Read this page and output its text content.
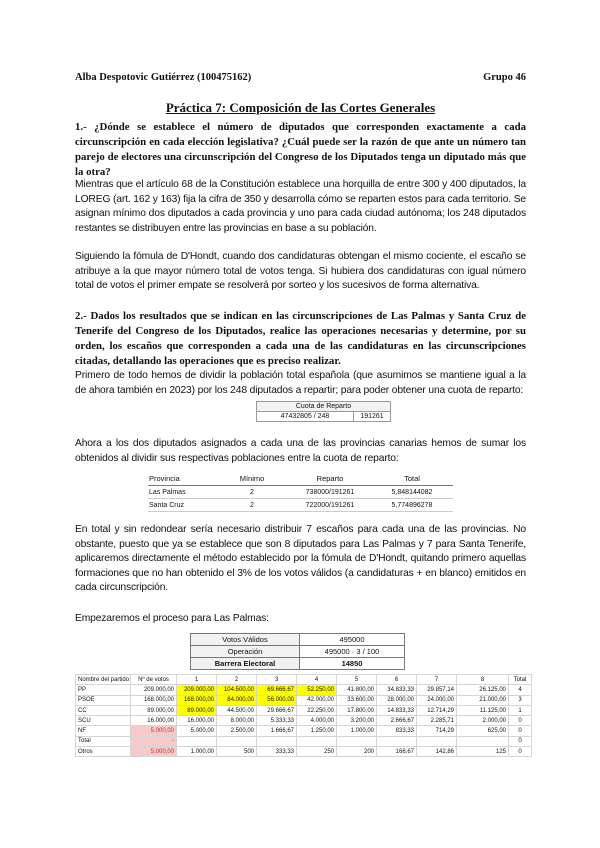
Alba Despotovic Gutiérrez (100475162)	Grupo 46
Práctica 7: Composición de las Cortes Generales
1.- ¿Dónde se establece el número de diputados que corresponden exactamente a cada circunscripción en cada elección legislativa? ¿Cuál puede ser la razón de que ante un número tan parejo de electores una circunscripción del Congreso de los Diputados tenga un diputado más que la otra?
Mientras que el artículo 68 de la Constitución establece una horquilla de entre 300 y 400 diputados, la LOREG (art. 162 y 163) fija la cifra de 350 y desarrolla cómo se reparten estos para cada territorio. Se asignan mínimo dos diputados a cada provincia y uno para cada ciudad autónoma; los 248 diputados restantes se distribuyen entre las provincias en base a su población.
Siguiendo la fómula de D'Hondt, cuando dos candidaturas obtengan el mismo cociente, el escaño se atribuye a la que mayor número total de votos tenga. Si hubiera dos candidaturas con igual número total de votos el primer empate se resolverá por sorteo y los sucesivos de forma alternativa.
2.- Dados los resultados que se indican en las circunscripciones de Las Palmas y Santa Cruz de Tenerife del Congreso de los Diputados, realice las operaciones necesarias y determine, por su orden, los escaños que corresponden a cada una de las candidaturas en las circunscripciones citadas, detallando las operaciones que es preciso realizar.
Primero de todo hemos de dividir la población total española (que asumimos se mantiene igual a la de ahora también en 2023) por los 248 diputados a repartir; para poder obtener una cuota de reparto:
Cuota de Reparto
47432805 / 248	191261
Ahora a los dos diputados asignados a cada una de las provincias canarias hemos de sumar los obtenidos al dividir sus respectivas poblaciones entre la cuota de reparto:
Provincia	Mínimo	Reparto	Total
Las Palmas	2	738000/191261	5,848144082
Santa Cruz	2	722000/191261	5,774896278
En total y sin redondear sería necesario distribuir 7 escaños para cada una de las provincias. No obstante, puesto que ya se establece que son 8 diputados para Las Palmas y 7 para Santa Tenerife, aplicaremos directamente el método establecido por la fómula de D'Hondt, quitando primero aquellas formaciones que no han obtenido el 3% de los votos válidos (a candidaturas + en blanco) emitidos en cada circunscripción.
Empezaremos el proceso para Las Palmas:
Votos Válidos	495000
Operación	495000 · 3 / 100
Barrera Electoral	14850
Nombre del partido	Nº de votos	1	2	3	4	5	6	7	8	Total
PP	209.000,00	209.000,00	104.500,00	69.666,67	52.250,00	41.800,00	34.833,33	29.857,14	26.125,00	4
PSOE	168.000,00	168.000,00	84.000,00	56.000,00	42.000,00	33.600,00	28.000,00	24.000,00	21.000,00	3
CC	89.000,00	89.000,00	44.500,00	29.666,67	22.250,00	17.800,00	14.833,33	12.714,29	11.125,00	1
SCU	16.000,00	16.000,00	8.000,00	5.333,33	4.000,00	3.200,00	2.666,67	2.285,71	2.000,00	0
NF	5.000,00	5.000,00	2.500,00	1.666,67	1.250,00	1.000,00	833,33	714,29	625,00	0
Total	-									0
Otros	5.000,00	1.000,00	500	333,33	250	200	166,67	142,86	125	0
